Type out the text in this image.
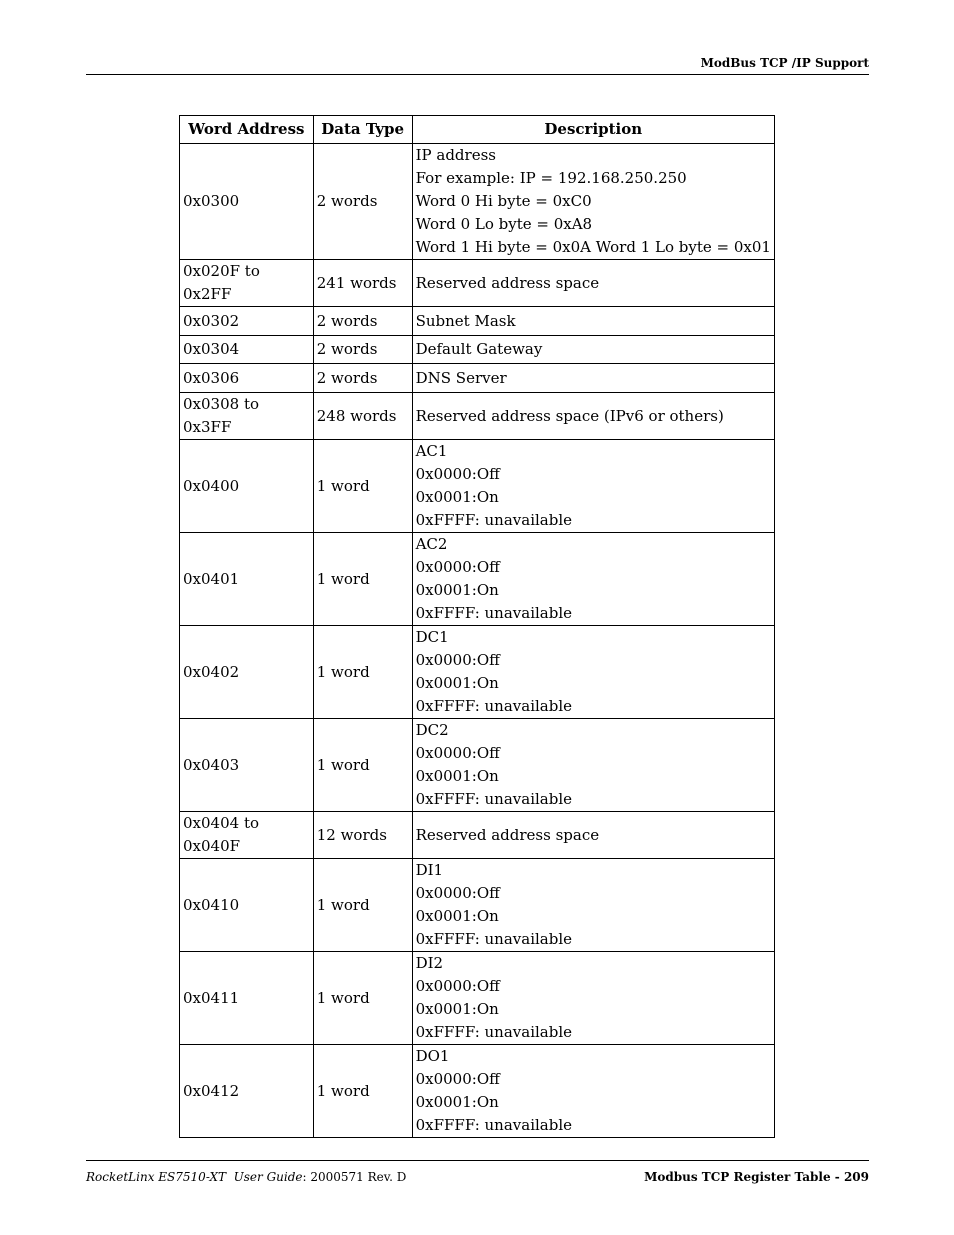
ModBus TCP /IP Support
Word Address	Data Type	Description
0x0300	2 words	IP address
For example: IP = 192.168.250.250
Word 0 Hi byte = 0xC0
Word 0 Lo byte = 0xA8
Word 1 Hi byte = 0x0A Word 1 Lo byte = 0x01

0x020F to 0x2FF	241 words	Reserved address space

0x0302	2 words	Subnet Mask

0x0304	2 words	Default Gateway

0x0306	2 words	DNS Server

0x0308 to 0x3FF	248 words	Reserved address space (IPv6 or others)

0x0400	1 word	AC1
0x0000:Off
0x0001:On
0xFFFF: unavailable

0x0401	1 word	AC2
0x0000:Off
0x0001:On
0xFFFF: unavailable

0x0402	1 word	DC1
0x0000:Off
0x0001:On
0xFFFF: unavailable

0x0403	1 word	DC2
0x0000:Off
0x0001:On
0xFFFF: unavailable

0x0404 to 0x040F	12 words	Reserved address space

0x0410	1 word	DI1
0x0000:Off
0x0001:On
0xFFFF: unavailable

0x0411	1 word	DI2
0x0000:Off
0x0001:On
0xFFFF: unavailable

0x0412	1 word	DO1
0x0000:Off
0x0001:On
0xFFFF: unavailable
RocketLinx ES7510-XT User Guide: 2000571 Rev. D	Modbus TCP Register Table - 209
